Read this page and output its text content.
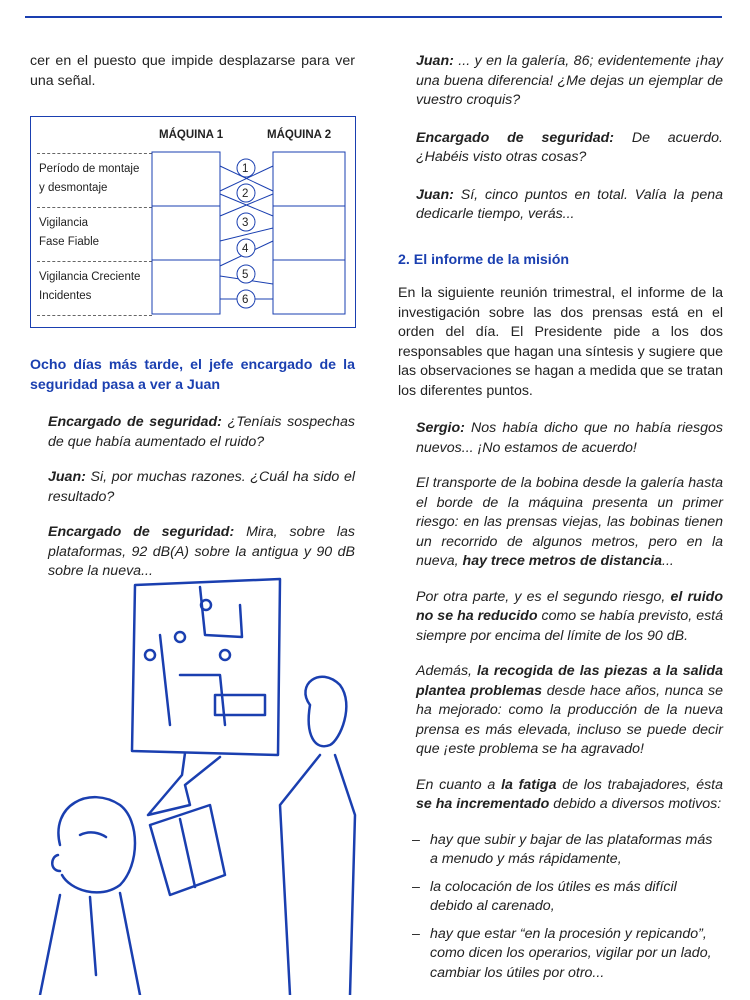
cer en el puesto que impide desplazarse para ver una señal.

MÁQUINA 1	MÁQUINA 2
Período de montaje
y desmontaje
Vigilancia
Fase Fiable
Vigilancia Creciente
Incidentes
1
2
3
4
5
6

Ocho días más tarde, el jefe encargado de la seguridad pasa a ver a Juan

Encargado de seguridad: ¿Teníais sospechas de que había aumentado el ruido?

Juan: Si, por muchas razones. ¿Cuál ha sido el resultado?

Encargado de seguridad: Mira, sobre las plataformas, 92 dB(A) sobre la antigua y 90 dB sobre la nueva...

Juan: ... y en la galería, 86; evidentemente ¡hay una buena diferencia! ¿Me dejas un ejemplar de vuestro croquis?

Encargado de seguridad: De acuerdo. ¿Habéis visto otras cosas?

Juan: Sí, cinco puntos en total. Valía la pena dedicarle tiempo, verás...

2. El informe de la misión

En la siguiente reunión trimestral, el informe de la investigación sobre las dos prensas está en el orden del día. El Presidente pide a los dos responsables que hagan una síntesis y sugiere que las observaciones se hagan a medida que se tratan los diferentes puntos.

Sergio: Nos había dicho que no había riesgos nuevos... ¡No estamos de acuerdo!

El transporte de la bobina desde la galería hasta el borde de la máquina presenta un primer riesgo: en las prensas viejas, las bobinas tienen un recorrido de algunos metros, pero en la nueva, hay trece metros de distancia...

Por otra parte, y es el segundo riesgo, el ruido no se ha reducido como se había previsto, está siempre por encima del límite de los 90 dB.

Además, la recogida de las piezas a la salida plantea problemas desde hace años, nunca se ha mejorado: como la producción de la nueva prensa es más elevada, incluso se puede decir que ¡este problema se ha agravado!

En cuanto a la fatiga de los trabajadores, ésta se ha incrementado debido a diversos motivos:

– hay que subir y bajar de las plataformas más a menudo y más rápidamente,
– la colocación de los útiles es más difícil debido al carenado,
– hay que estar “en la procesión y repicando”, como dicen los operarios, vigilar por un lado, cambiar los útiles por otro...
